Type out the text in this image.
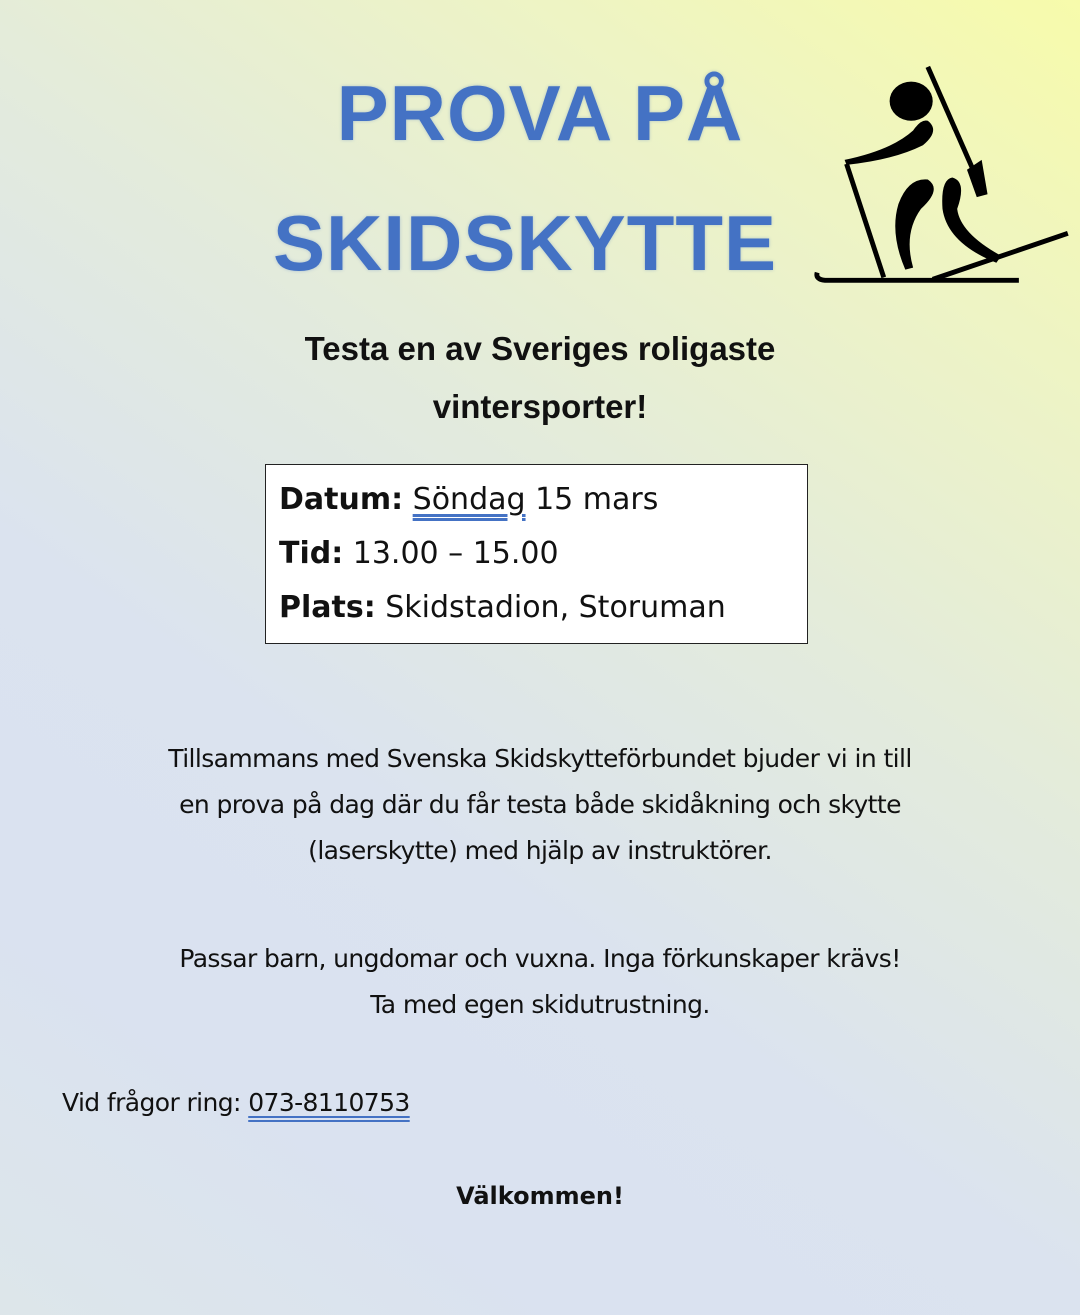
PROVA PÅ
SKIDSKYTTE
Testa en av Sveriges roligaste
vintersporter!
Datum: Söndag 15 mars
Tid: 13.00 – 15.00
Plats: Skidstadion, Storuman
Tillsammans med Svenska Skidskytteförbundet bjuder vi in till
en prova på dag där du får testa både skidåkning och skytte
(laserskytte) med hjälp av instruktörer.
Passar barn, ungdomar och vuxna. Inga förkunskaper krävs!
Ta med egen skidutrustning.
Vid frågor ring: 073-8110753
Välkommen!
